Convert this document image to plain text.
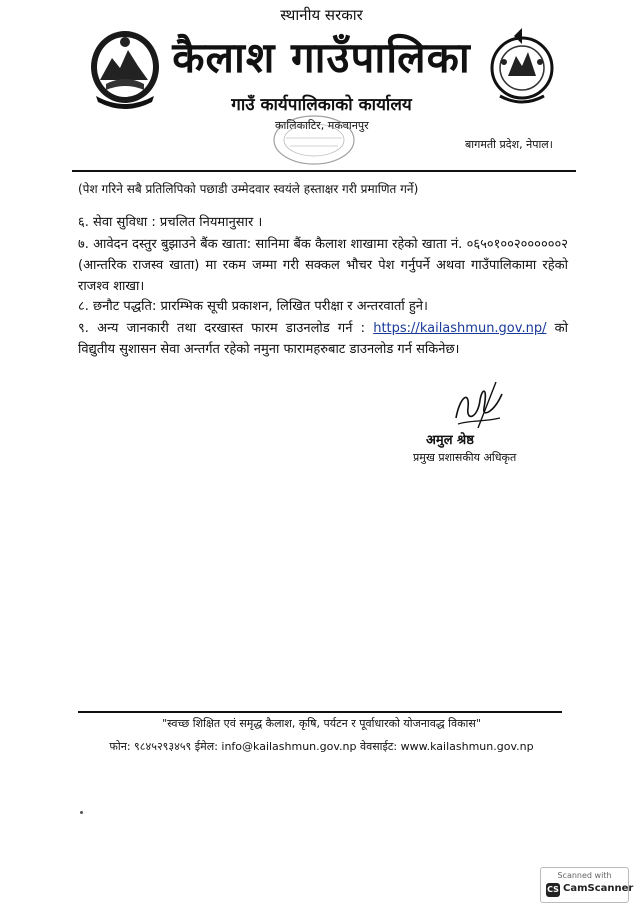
स्थानीय सरकार
कैलाश गाउँपालिका
गाउँ कार्यपालिकाको कार्यालय
कालिकाटिर, मकवानपुर
बागमती प्रदेश, नेपाल।
(पेश गरिने सबै प्रतिलिपिको पछाडी उम्मेदवार स्वयंले हस्ताक्षर गरी प्रमाणित गर्ने)
६. सेवा सुविधा : प्रचलित नियमानुसार ।
७. आवेदन दस्तुर बुझाउने बैंक खाता: सानिमा बैंक कैलाश शाखामा रहेको खाता नं. ०६५०१००२००००००२ (आन्तरिक राजस्व खाता) मा रकम जम्मा गरी सक्कल भौचर पेश गर्नुपर्ने अथवा गाउँपालिकामा रहेको राजश्व शाखा।
८. छनौट पद्धति: प्रारम्भिक सूची प्रकाशन, लिखित परीक्षा र अन्तरवार्ता हुने।
९. अन्य जानकारी तथा दरखास्त फारम डाउनलोड गर्न : https://kailashmun.gov.np/ को विद्युतीय सुशासन सेवा अन्तर्गत रहेको नमुना फारामहरुबाट डाउनलोड गर्न सकिनेछ।
अमुल श्रेष्ठ
प्रमुख प्रशासकीय अधिकृत
"स्वच्छ शिक्षित एवं समृद्ध कैलाश, कृषि, पर्यटन र पूर्वाधारको योजनावद्ध विकास"
फोन: ९८४५२९३४५९ ईमेल: info@kailashmun.gov.np वेवसाईट: www.kailashmun.gov.np
Scanned with
CS CamScanner
